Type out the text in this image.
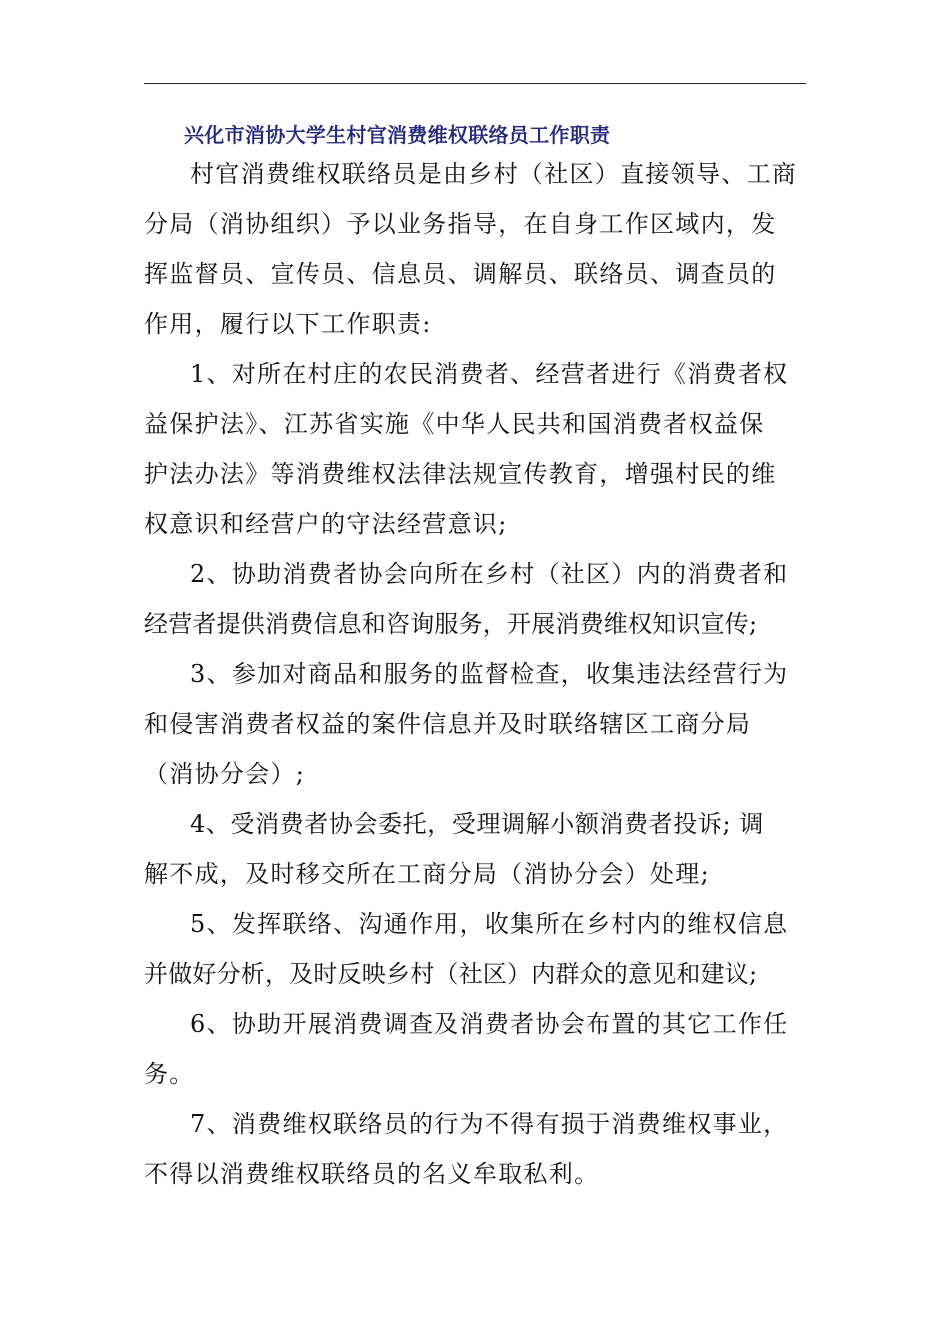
兴化市消协大学生村官消费维权联络员工作职责
村官消费维权联络员是由乡村（社区）直接领导、工商
分局（消协组织）予以业务指导，在自身工作区域内，发
挥监督员、宣传员、信息员、调解员、联络员、调查员的
作用，履行以下工作职责:
1、对所在村庄的农民消费者、经营者进行《消费者权
益保护法》、江苏省实施《中华人民共和国消费者权益保
护法办法》等消费维权法律法规宣传教育，增强村民的维
权意识和经营户的守法经营意识;
2、协助消费者协会向所在乡村（社区）内的消费者和
经营者提供消费信息和咨询服务，开展消费维权知识宣传;
3、参加对商品和服务的监督检查，收集违法经营行为
和侵害消费者权益的案件信息并及时联络辖区工商分局
（消协分会）;
4、受消费者协会委托，受理调解小额消费者投诉; 调
解不成，及时移交所在工商分局（消协分会）处理;
5、发挥联络、沟通作用，收集所在乡村内的维权信息
并做好分析，及时反映乡村（社区）内群众的意见和建议;
6、协助开展消费调查及消费者协会布置的其它工作任
务。
7、消费维权联络员的行为不得有损于消费维权事业，
不得以消费维权联络员的名义牟取私利。
